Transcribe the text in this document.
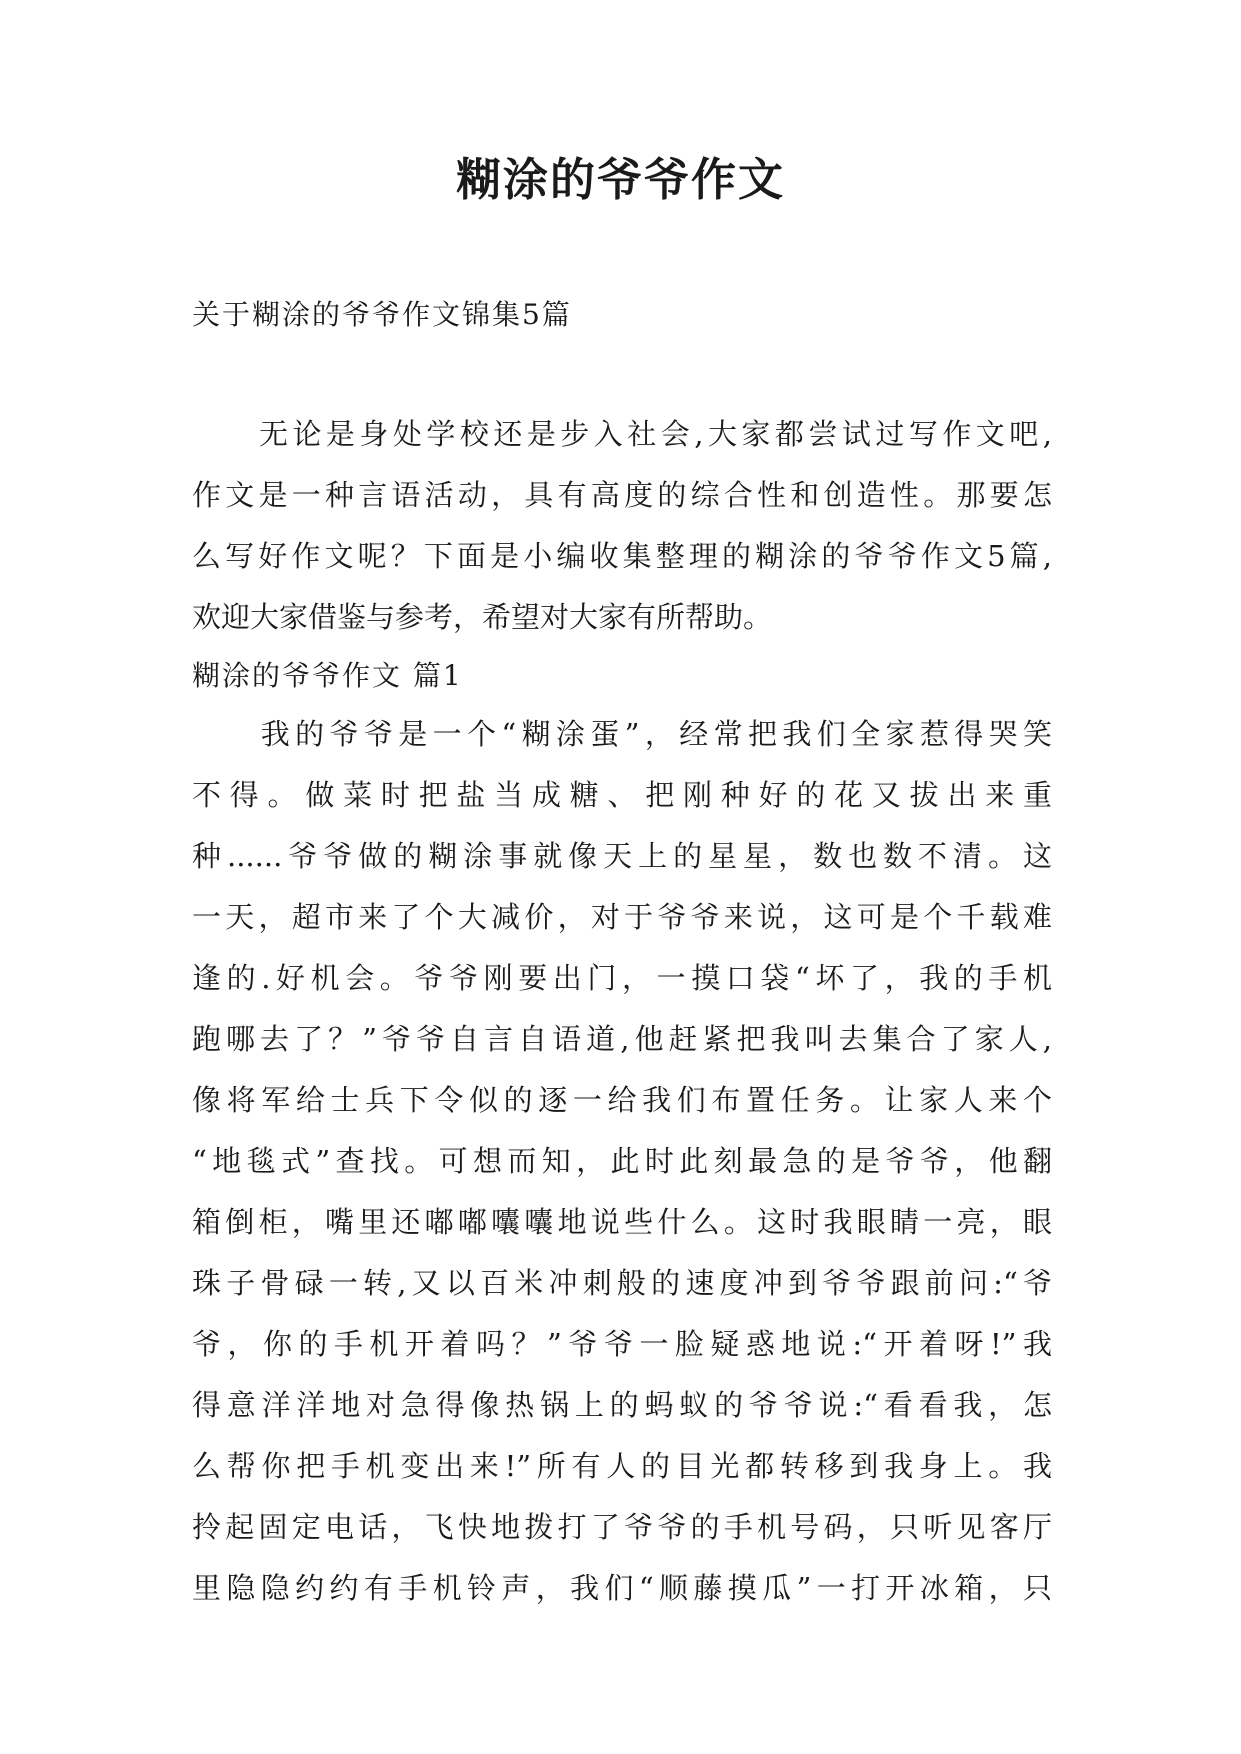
糊涂的爷爷作文
关于糊涂的爷爷作文锦集5篇
　　无论是身处学校还是步入社会,大家都尝试过写作文吧,
作文是一种言语活动，具有高度的综合性和创造性。那要怎
么写好作文呢？下面是小编收集整理的糊涂的爷爷作文5篇,
欢迎大家借鉴与参考，希望对大家有所帮助。
糊涂的爷爷作文 篇1
　　我的爷爷是一个“糊涂蛋”，经常把我们全家惹得哭笑
不得。做菜时把盐当成糖、把刚种好的花又拔出来重
种......爷爷做的糊涂事就像天上的星星，数也数不清。这
一天，超市来了个大减价，对于爷爷来说，这可是个千载难
逢的.好机会。爷爷刚要出门，一摸口袋“坏了，我的手机
跑哪去了？”爷爷自言自语道,他赶紧把我叫去集合了家人,
像将军给士兵下令似的逐一给我们布置任务。让家人来个
“地毯式”查找。可想而知，此时此刻最急的是爷爷，他翻
箱倒柜，嘴里还嘟嘟囔囔地说些什么。这时我眼睛一亮，眼
珠子骨碌一转,又以百米冲刺般的速度冲到爷爷跟前问:“爷
爷，你的手机开着吗？”爷爷一脸疑惑地说:“开着呀!”我
得意洋洋地对急得像热锅上的蚂蚁的爷爷说:“看看我，怎
么帮你把手机变出来!”所有人的目光都转移到我身上。我
拎起固定电话，飞快地拨打了爷爷的手机号码，只听见客厅
里隐隐约约有手机铃声，我们“顺藤摸瓜”一打开冰箱，只
